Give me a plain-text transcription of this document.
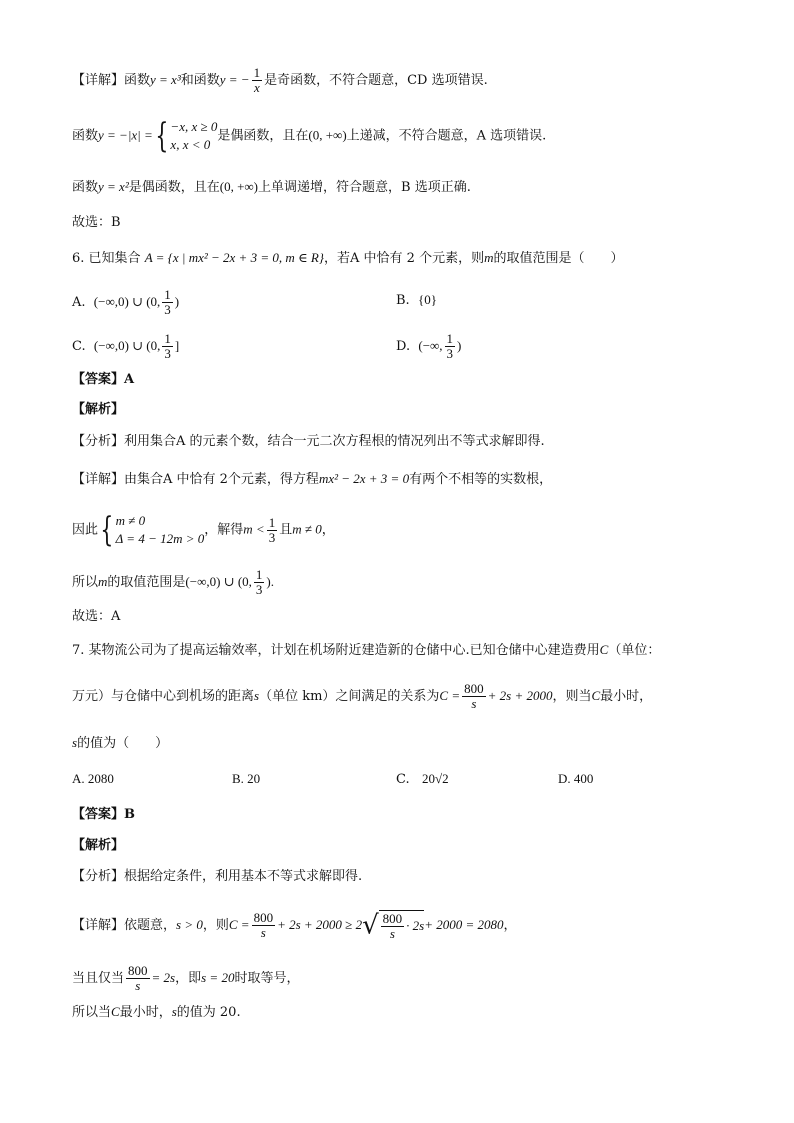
【详解】函数y = x³和函数y = − $\frac{1}{x}$ 是奇函数，不符合题意，CD 选项错误.
函数y = −|x| ={ −x, x ≥ 0
x, x < 0
是偶函数，且在(0, +∞)上递减，不符合题意，A 选项错误.
函数y = x²是偶函数，且在(0, +∞)上单调递增，符合题意，B 选项正确.
故选：B
6. 已知集合 A = {x | mx² − 2x + 3 = 0, m ∈ R}，若A 中恰有 2 个元素，则m的取值范围是（　　）
A. (−∞,0) ∪ (0, $\frac{1}{3}$ )	B. {0}
C. (−∞,0) ∪ (0, $\frac{1}{3}$ ]	D. (−∞, $\frac{1}{3}$ )
【答案】A
【解析】
【分析】利用集合A 的元素个数，结合一元二次方程根的情况列出不等式求解即得.
【详解】由集合A 中恰有 2个元素，得方程mx² − 2x + 3 = 0有两个不相等的实数根，
因此{ m ≠ 0
Δ = 4 − 12m > 0
，解得$m < \frac{1}{3}$ 且m ≠ 0，
所以m的取值范围是(−∞,0) ∪ (0, $\frac{1}{3}$ ).
故选：A
7. 某物流公司为了提高运输效率，计划在机场附近建造新的仓储中心.已知仓储中心建造费用C（单位：
万元）与仓储中心到机场的距离s（单位 km）之间满足的关系为$C = \frac{800}{s} + 2s + 2000$，则当C最小时，
s的值为（　　）
A. 2080	B. 20	C. 20√2	D. 400
【答案】B
【解析】
【分析】根据给定条件，利用基本不等式求解即得.
【详解】依题意，s > 0，则$C = \frac{800}{s} + 2s + 2000 \ge 2√ \frac{800}{s} \cdot 2s+ 2000 = 2080$，
当且仅当 $\frac{800}{s} = 2s$，即s = 20时取等号，
所以当C最小时，s的值为 20.
